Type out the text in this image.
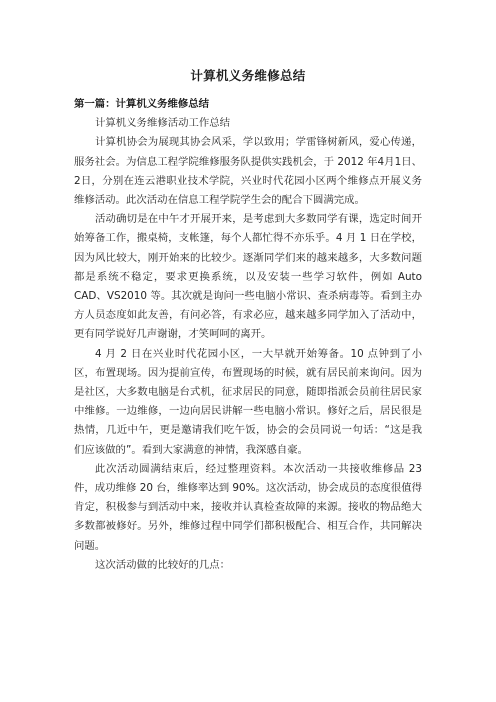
计算机义务维修总结

第一篇：计算机义务维修总结

计算机义务维修活动工作总结

计算机协会为展现其协会风采，学以致用；学雷锋树新风，爱心传递，服务社会。为信息工程学院维修服务队提供实践机会，于 2012 年4月1日、2日，分别在连云港职业技术学院，兴业时代花园小区两个维修点开展义务维修活动。此次活动在信息工程学院学生会的配合下圆满完成。

活动确切是在中午才开展开来，是考虑到大多数同学有课，选定时间开始筹备工作，搬桌椅，支帐篷，每个人都忙得不亦乐乎。4 月 1 日在学校，因为风比较大，刚开始来的比较少。逐渐同学们来的越来越多，大多数问题都是系统不稳定，要求更换系统，以及安装一些学习软件，例如 Auto CAD、VS2010 等。其次就是询问一些电脑小常识、查杀病毒等。看到主办方人员态度如此友善，有问必答，有求必应，越来越多同学加入了活动中，更有同学说好几声谢谢，才笑呵呵的离开。

4 月 2 日在兴业时代花园小区，一大早就开始筹备。10 点钟到了小区，布置现场。因为提前宣传，布置现场的时候，就有居民前来询问。因为是社区，大多数电脑是台式机，征求居民的同意，随即指派会员前往居民家中维修。一边维修，一边向居民讲解一些电脑小常识。修好之后，居民很是热情，几近中午，更是邀请我们吃午饭，协会的会员同说一句话：“这是我们应该做的”。看到大家满意的神情，我深感自豪。

此次活动圆满结束后，经过整理资料。本次活动一共接收维修品 23 件，成功维修 20 台，维修率达到 90%。这次活动，协会成员的态度很值得肯定，积极参与到活动中来，接收并认真检查故障的来源。接收的物品绝大多数都被修好。另外，维修过程中同学们都积极配合、相互合作，共同解决问题。

这次活动做的比较好的几点：
